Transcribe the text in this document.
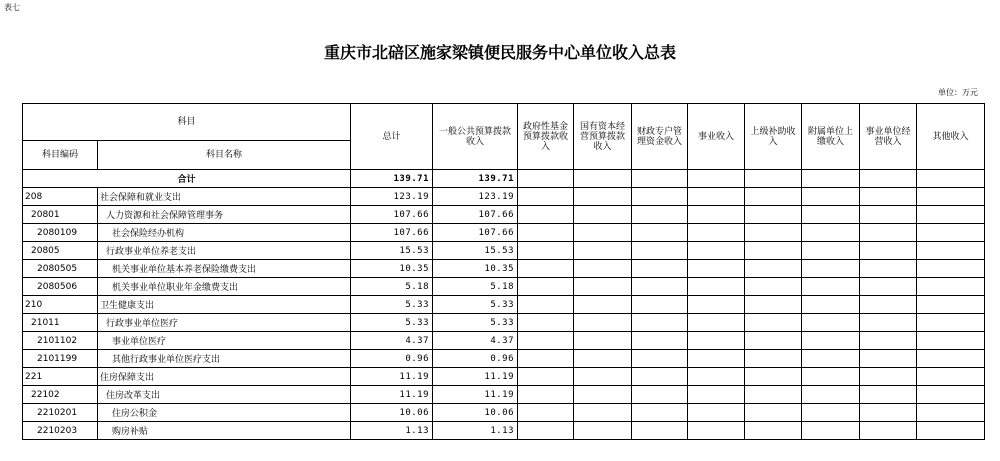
表七
重庆市北碚区施家梁镇便民服务中心单位收入总表
单位：万元
科目		总计	一般公共预算拨款收入	政府性基金预算拨款收入	国有资本经营预算拨款收入	财政专户管理资金收入	事业收入	上级补助收入	附属单位上缴收入	事业单位经营收入	其他收入
科目编码	科目名称										
合计		139.71	139.71								
208	社会保障和就业支出	123.19	123.19								
20801	人力资源和社会保障管理事务	107.66	107.66								
2080109	社会保险经办机构	107.66	107.66								
20805	行政事业单位养老支出	15.53	15.53								
2080505	机关事业单位基本养老保险缴费支出	10.35	10.35								
2080506	机关事业单位职业年金缴费支出	5.18	5.18								
210	卫生健康支出	5.33	5.33								
21011	行政事业单位医疗	5.33	5.33								
2101102	事业单位医疗	4.37	4.37								
2101199	其他行政事业单位医疗支出	0.96	0.96								
221	住房保障支出	11.19	11.19								
22102	住房改革支出	11.19	11.19								
2210201	住房公积金	10.06	10.06								
2210203	购房补贴	1.13	1.13								
